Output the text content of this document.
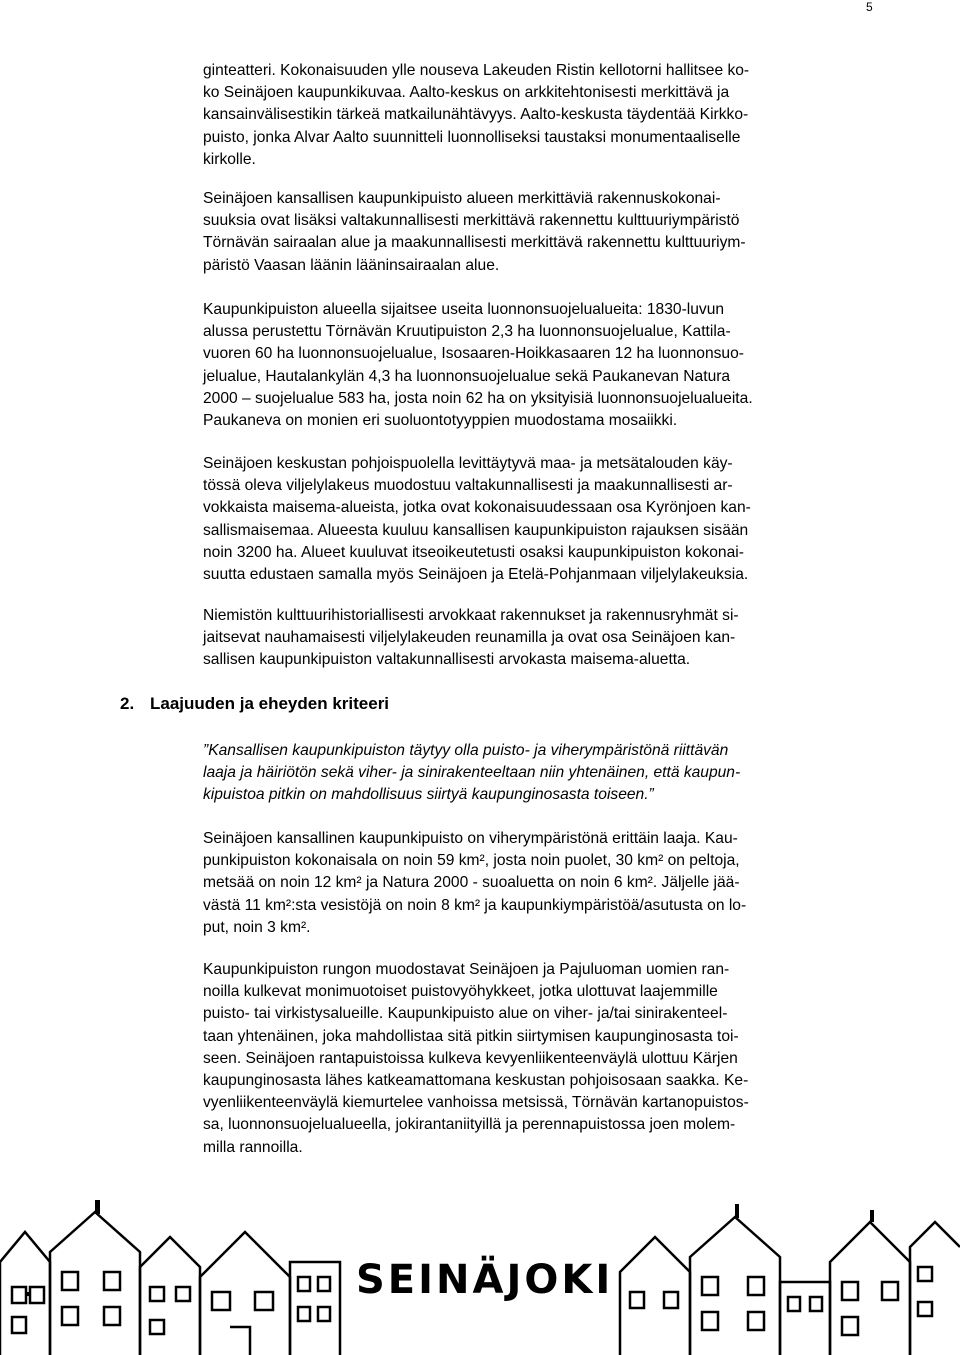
5
ginteatteri. Kokonaisuuden ylle nouseva Lakeuden Ristin kellotorni hallitsee ko-
ko Seinäjoen kaupunkikuvaa. Aalto-keskus on arkkitehtonisesti merkittävä ja
kansainvälisestikin tärkeä matkailunähtävyys. Aalto-keskusta täydentää Kirkko-
puisto, jonka Alvar Aalto suunnitteli luonnolliseksi taustaksi monumentaaliselle
kirkolle.
Seinäjoen kansallisen kaupunkipuisto alueen merkittäviä rakennuskokonai-
suuksia ovat lisäksi valtakunnallisesti merkittävä rakennettu kulttuuriympäristö
Törnävän sairaalan alue ja maakunnallisesti merkittävä rakennettu kulttuuriym-
päristö Vaasan läänin lääninsairaalan alue.
Kaupunkipuiston alueella sijaitsee useita luonnonsuojelualueita: 1830-luvun
alussa perustettu Törnävän Kruutipuiston 2,3 ha luonnonsuojelualue, Kattila-
vuoren 60 ha luonnonsuojelualue, Isosaaren-Hoikkasaaren 12 ha luonnonsuo-
jelualue, Hautalankylän 4,3 ha luonnonsuojelualue sekä Paukanevan Natura
2000 – suojelualue 583 ha, josta noin 62 ha on yksityisiä luonnonsuojelualueita.
Paukaneva on monien eri suoluontotyyppien muodostama mosaiikki.
Seinäjoen keskustan pohjoispuolella levittäytyvä maa- ja metsätalouden käy-
tössä oleva viljelylakeus muodostuu valtakunnallisesti ja maakunnallisesti ar-
vokkaista maisema-alueista, jotka ovat kokonaisuudessaan osa Kyrönjoen kan-
sallismaisemaa. Alueesta kuuluu kansallisen kaupunkipuiston rajauksen sisään
noin 3200 ha. Alueet kuuluvat itseoikeutetusti osaksi kaupunkipuiston kokonai-
suutta edustaen samalla myös Seinäjoen ja Etelä-Pohjanmaan viljelylakeuksia.
Niemistön kulttuurihistoriallisesti arvokkaat rakennukset ja rakennusryhmät si-
jaitsevat nauhamaisesti viljelylakeuden reunamilla ja ovat osa Seinäjoen kan-
sallisen kaupunkipuiston valtakunnallisesti arvokasta maisema-aluetta.
2. Laajuuden ja eheyden kriteeri
”Kansallisen kaupunkipuiston täytyy olla puisto- ja viherympäristönä riittävän
laaja ja häiriötön sekä viher- ja sinirakenteeltaan niin yhtenäinen, että kaupun-
kipuistoa pitkin on mahdollisuus siirtyä kaupunginosasta toiseen.”
Seinäjoen kansallinen kaupunkipuisto on viherympäristönä erittäin laaja. Kau-
punkipuiston kokonaisala on noin 59 km², josta noin puolet, 30 km² on peltoja,
metsää on noin 12 km² ja Natura 2000 - suoaluetta on noin 6 km². Jäljelle jää-
västä 11 km²:sta vesistöjä on noin 8 km² ja kaupunkiympäristöä/asutusta on lo-
put, noin 3 km².
Kaupunkipuiston rungon muodostavat Seinäjoen ja Pajuluoman uomien ran-
noilla kulkevat monimuotoiset puistovyöhykkeet, jotka ulottuvat laajemmille
puisto- tai virkistysalueille. Kaupunkipuisto alue on viher- ja/tai sinirakenteel-
taan yhtenäinen, joka mahdollistaa sitä pitkin siirtymisen kaupunginosasta toi-
seen. Seinäjoen rantapuistoissa kulkeva kevyenliikenteenväylä ulottuu Kärjen
kaupunginosasta lähes katkeamattomana keskustan pohjoisosaan saakka. Ke-
vyenliikenteenväylä kiemurtelee vanhoissa metsissä, Törnävän kartanopuistos-
sa, luonnonsuojelualueella, jokirantaniityillä ja perennapuistossa joen molem-
milla rannoilla.
SEINÄJOKI
